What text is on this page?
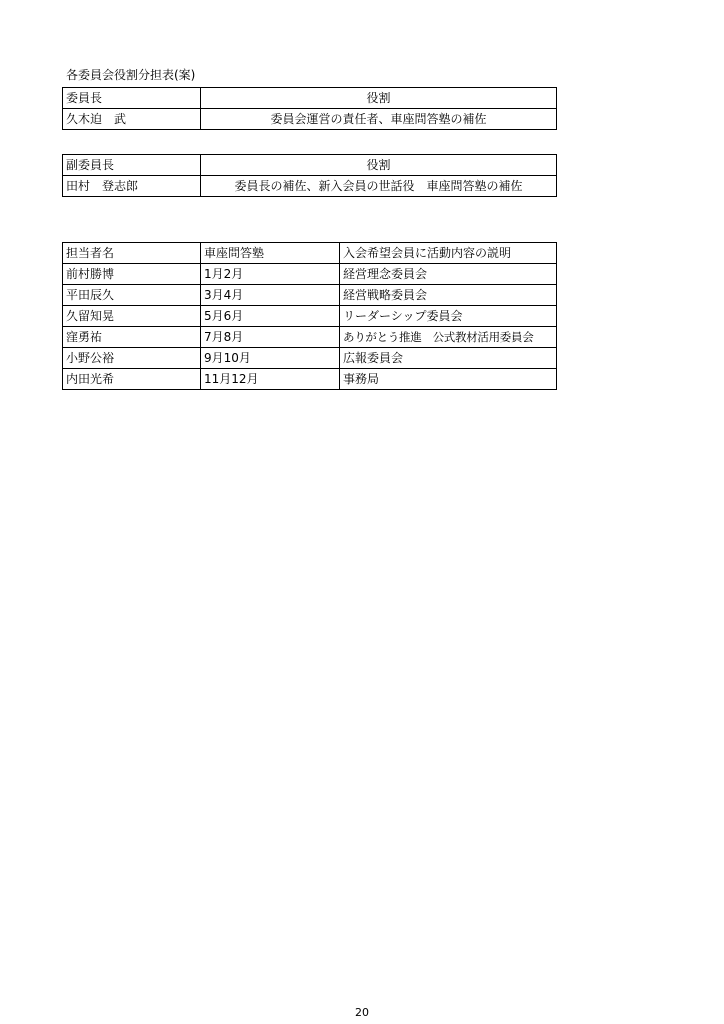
各委員会役割分担表(案)
委員長	役割
久木迫　武	委員会運営の責任者、車座問答塾の補佐
副委員長	役割
田村　登志郎	委員長の補佐、新入会員の世話役　車座問答塾の補佐
担当者名	車座問答塾	入会希望会員に活動内容の説明
前村勝博	1月2月	経営理念委員会
平田辰久	3月4月	経営戦略委員会
久留知晃	5月6月	リーダーシップ委員会
窪勇祐	7月8月	ありがとう推進　公式教材活用委員会
小野公裕	9月10月	広報委員会
内田光希	11月12月	事務局
20
